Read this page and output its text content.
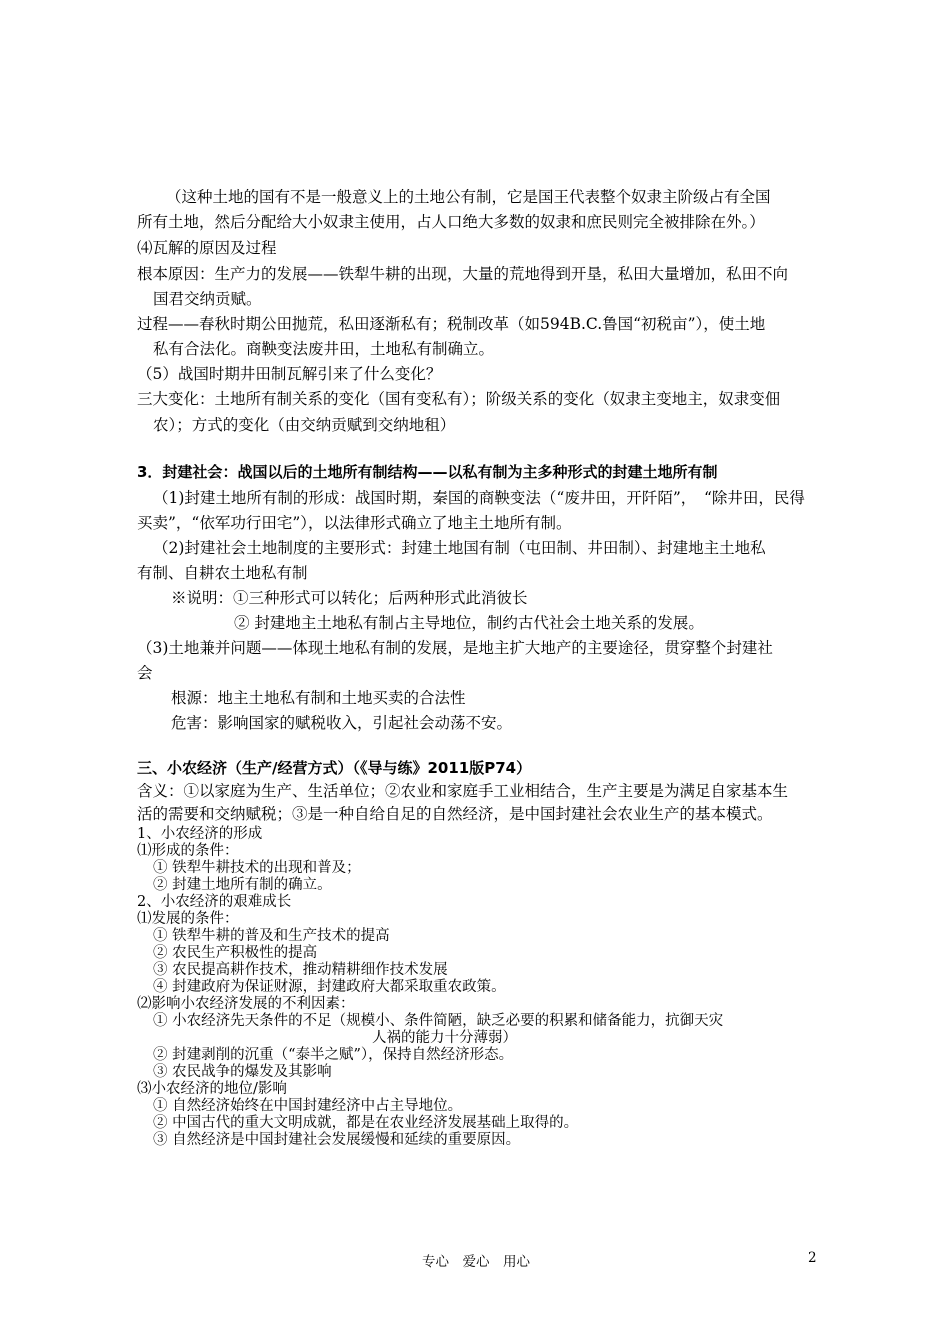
（这种土地的国有不是一般意义上的土地公有制，它是国王代表整个奴隶主阶级占有全国
所有土地，然后分配给大小奴隶主使用，占人口绝大多数的奴隶和庶民则完全被排除在外。）
⑷瓦解的原因及过程
根本原因：生产力的发展——铁犁牛耕的出现，大量的荒地得到开垦，私田大量增加，私田不向
国君交纳贡赋。
过程——春秋时期公田抛荒，私田逐渐私有；税制改革（如594B.C.鲁国“初税亩”），使土地
私有合法化。商鞅变法废井田，土地私有制确立。
（5）战国时期井田制瓦解引来了什么变化？
三大变化：土地所有制关系的变化（国有变私有）；阶级关系的变化（奴隶主变地主，奴隶变佃
农）；方式的变化（由交纳贡赋到交纳地租）
3．封建社会：战国以后的土地所有制结构——以私有制为主多种形式的封建土地所有制
（1)封建土地所有制的形成：战国时期，秦国的商鞅变法（“废井田，开阡陌”，　“除井田，民得
买卖”，“依军功行田宅”），以法律形式确立了地主土地所有制。
（2)封建社会土地制度的主要形式：封建土地国有制（屯田制、井田制）、封建地主土地私
有制、自耕农土地私有制
※说明：①三种形式可以转化；后两种形式此消彼长
② 封建地主土地私有制占主导地位，制约古代社会土地关系的发展。
（3)土地兼并问题——体现土地私有制的发展，是地主扩大地产的主要途径，贯穿整个封建社
会
根源：地主土地私有制和土地买卖的合法性
危害：影响国家的赋税收入，引起社会动荡不安。
三、小农经济（生产/经营方式）（《导与练》2011版P74）
含义：①以家庭为生产、生活单位；②农业和家庭手工业相结合，生产主要是为满足自家基本生
活的需要和交纳赋税；③是一种自给自足的自然经济，是中国封建社会农业生产的基本模式。
1、小农经济的形成
⑴形成的条件：
① 铁犁牛耕技术的出现和普及；
② 封建土地所有制的确立。
2、小农经济的艰难成长
⑴发展的条件：
① 铁犁牛耕的普及和生产技术的提高
② 农民生产积极性的提高
③ 农民提高耕作技术，推动精耕细作技术发展
④ 封建政府为保证财源，封建政府大都采取重农政策。
⑵影响小农经济发展的不利因素：
① 小农经济先天条件的不足（规模小、条件简陋，缺乏必要的积累和储备能力，抗御天灾
人祸的能力十分薄弱）
② 封建剥削的沉重（“泰半之赋”），保持自然经济形态。
③ 农民战争的爆发及其影响
⑶小农经济的地位/影响
① 自然经济始终在中国封建经济中占主导地位。
② 中国古代的重大文明成就，都是在农业经济发展基础上取得的。
③ 自然经济是中国封建社会发展缓慢和延续的重要原因。
专心　爱心　用心	2
